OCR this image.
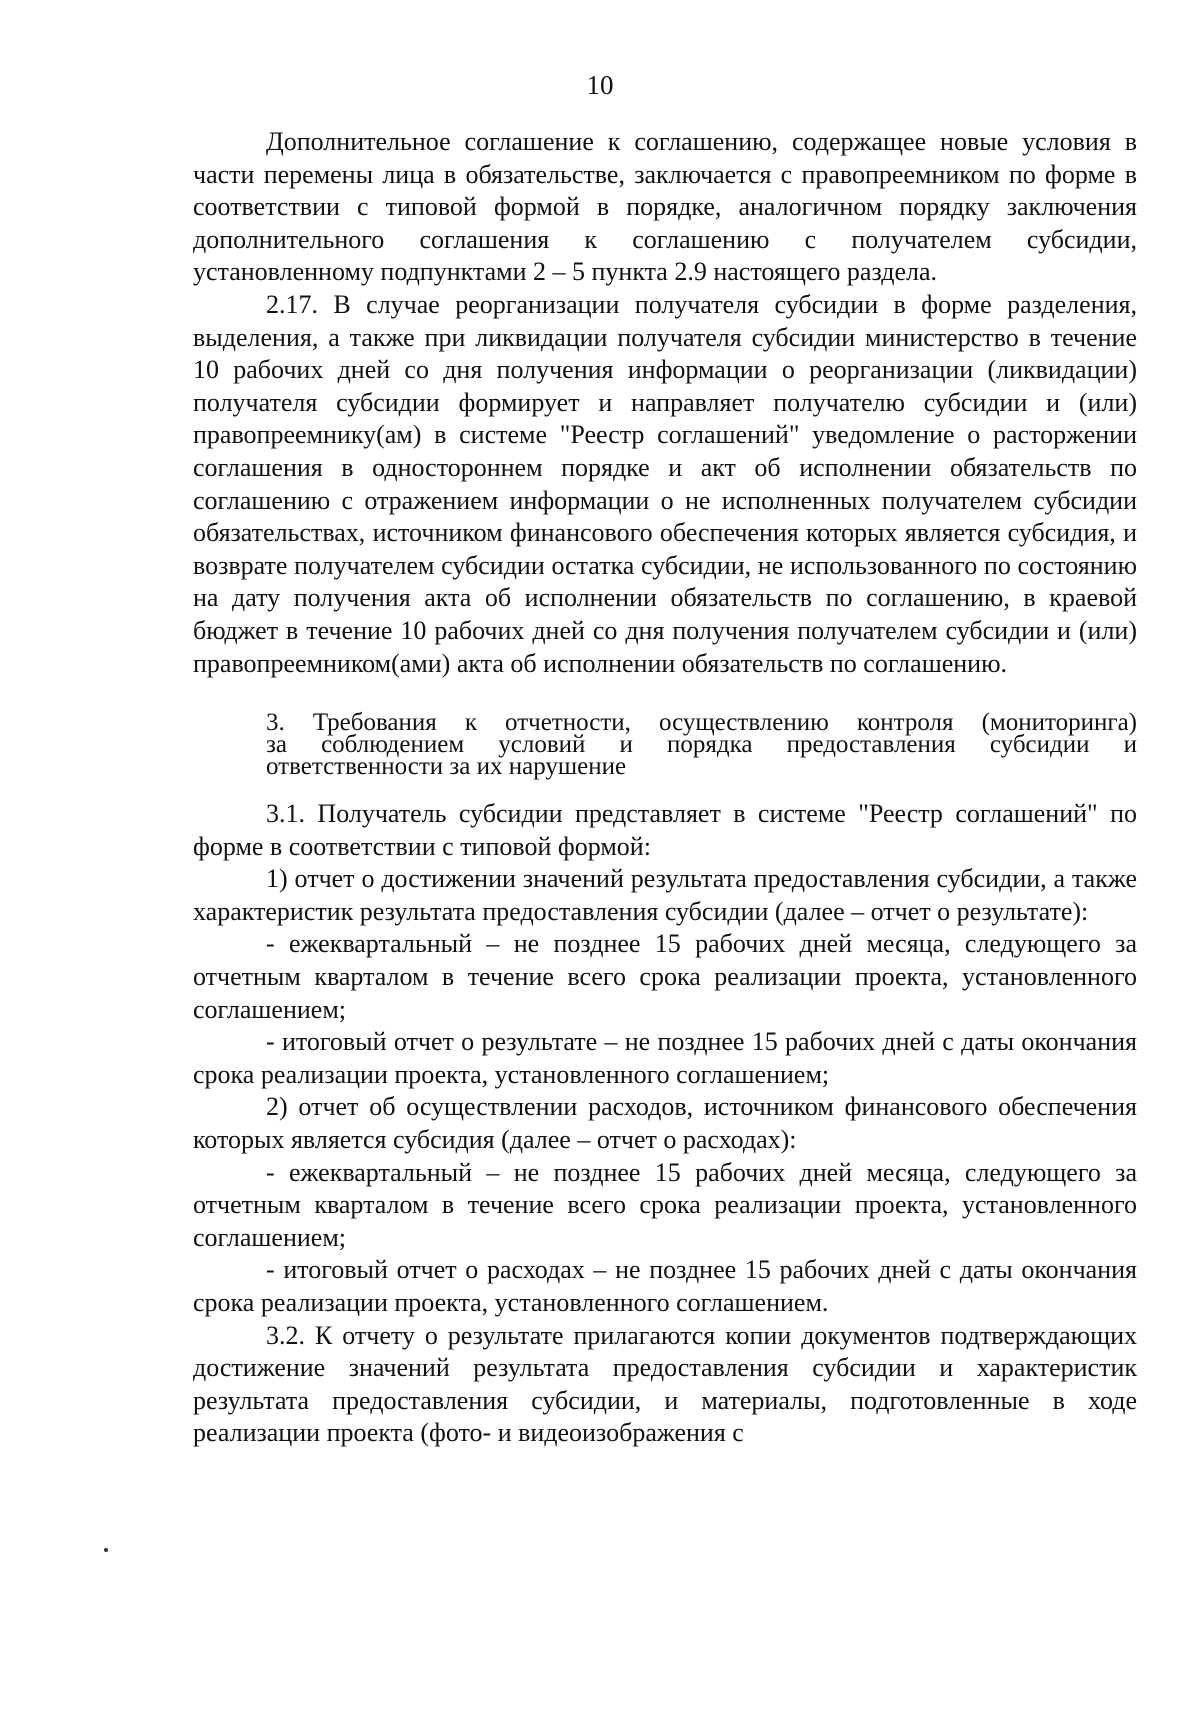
10

Дополнительное соглашение к соглашению, содержащее новые условия в части перемены лица в обязательстве, заключается с правопреемником по форме в соответствии с типовой формой в порядке, аналогичном порядку заключения дополнительного соглашения к соглашению с получателем субсидии, установленному подпунктами 2 – 5 пункта 2.9 настоящего раздела.

2.17. В случае реорганизации получателя субсидии в форме разделения, выделения, а также при ликвидации получателя субсидии министерство в течение 10 рабочих дней со дня получения информации о реорганизации (ликвидации) получателя субсидии формирует и направляет получателю субсидии и (или) правопреемнику(ам) в системе "Реестр соглашений" уведомление о расторжении соглашения в одностороннем порядке и акт об исполнении обязательств по соглашению с отражением информации о не исполненных получателем субсидии обязательствах, источником финансового обеспечения которых является субсидия, и возврате получателем субсидии остатка субсидии, не использованного по состоянию на дату получения акта об исполнении обязательств по соглашению, в краевой бюджет в течение 10 рабочих дней со дня получения получателем субсидии и (или) правопреемником(ами) акта об исполнении обязательств по соглашению.

3. Требования к отчетности, осуществлению контроля (мониторинга)
за соблюдением условий и порядка предоставления субсидии и
ответственности за их нарушение

3.1. Получатель субсидии представляет в системе "Реестр соглашений" по форме в соответствии с типовой формой:

1) отчет о достижении значений результата предоставления субсидии, а также характеристик результата предоставления субсидии (далее – отчет о результате):

- ежеквартальный – не позднее 15 рабочих дней месяца, следующего за отчетным кварталом в течение всего срока реализации проекта, установленного соглашением;

- итоговый отчет о результате – не позднее 15 рабочих дней с даты окончания срока реализации проекта, установленного соглашением;

2) отчет об осуществлении расходов, источником финансового обеспечения которых является субсидия (далее – отчет о расходах):

- ежеквартальный – не позднее 15 рабочих дней месяца, следующего за отчетным кварталом в течение всего срока реализации проекта, установленного соглашением;

- итоговый отчет о расходах – не позднее 15 рабочих дней с даты окончания срока реализации проекта, установленного соглашением.

3.2. К отчету о результате прилагаются копии документов подтверждающих достижение значений результата предоставления субсидии и характеристик результата предоставления субсидии, и материалы, подготовленные в ходе реализации проекта (фото- и видеоизображения с
